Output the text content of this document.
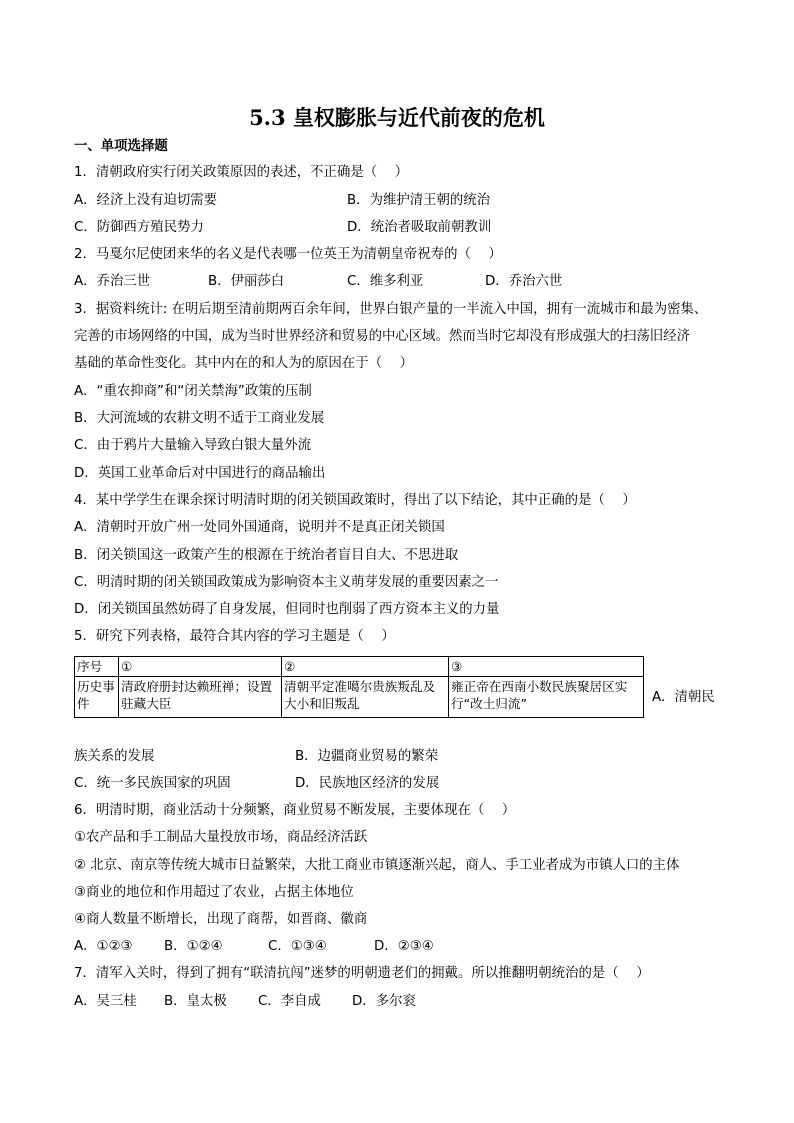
5.3 皇权膨胀与近代前夜的危机
一、单项选择题
1．清朝政府实行闭关政策原因的表述，不正确是（　 ）
A．经济上没有迫切需要	B．为维护清王朝的统治
C．防御西方殖民势力	D．统治者吸取前朝教训
2．马戛尔尼使团来华的名义是代表哪一位英王为清朝皇帝祝寿的（　 ）
A．乔治三世	B．伊丽莎白	C．维多利亚	D．乔治六世
3．据资料统计: 在明后期至清前期两百余年间，世界白银产量的一半流入中国，拥有一流城市和最为密集、
完善的市场网络的中国，成为当时世界经济和贸易的中心区域。然而当时它却没有形成强大的扫荡旧经济
基础的革命性变化。其中内在的和人为的原因在于（　 ）
A．“重农抑商”和“闭关禁海”政策的压制
B．大河流域的农耕文明不适于工商业发展
C．由于鸦片大量输入导致白银大量外流
D．英国工业革命后对中国进行的商品输出
4．某中学学生在课余探讨明清时期的闭关锁国政策时，得出了以下结论，其中正确的是（　 ）
A．清朝时开放广州一处同外国通商，说明并不是真正闭关锁国
B．闭关锁国这一政策产生的根源在于统治者盲目自大、不思进取
C．明清时期的闭关锁国政策成为影响资本主义萌芽发展的重要因素之一
D．闭关锁国虽然妨碍了自身发展，但同时也削弱了西方资本主义的力量
5．研究下列表格，最符合其内容的学习主题是（　 ）
序号	①	②	③
历史事件	清政府册封达赖班禅；设置驻藏大臣	清朝平定准噶尔贵族叛乱及大小和旧叛乱	雍正帝在西南小数民族聚居区实行“改土归流”	A．清朝民
族关系的发展	B．边疆商业贸易的繁荣
C．统一多民族国家的巩固	D．民族地区经济的发展
6．明清时期，商业活动十分频繁，商业贸易不断发展，主要体现在（　 ）
①农产品和手工制品大量投放市场，商品经济活跃
② 北京、南京等传统大城市日益繁荣，大批工商业市镇逐渐兴起，商人、手工业者成为市镇人口的主体
③商业的地位和作用超过了农业，占据主体地位
④商人数量不断增长，出现了商帮，如晋商、徽商
A．①②③ B．①②④	C．①③④	D．②③④
7．清军入关时，得到了拥有“联清抗闯”迷梦的明朝遗老们的拥戴。所以推翻明朝统治的是（　 ）
A．吴三桂 B．皇太极 C．李自成 D．多尔衮
